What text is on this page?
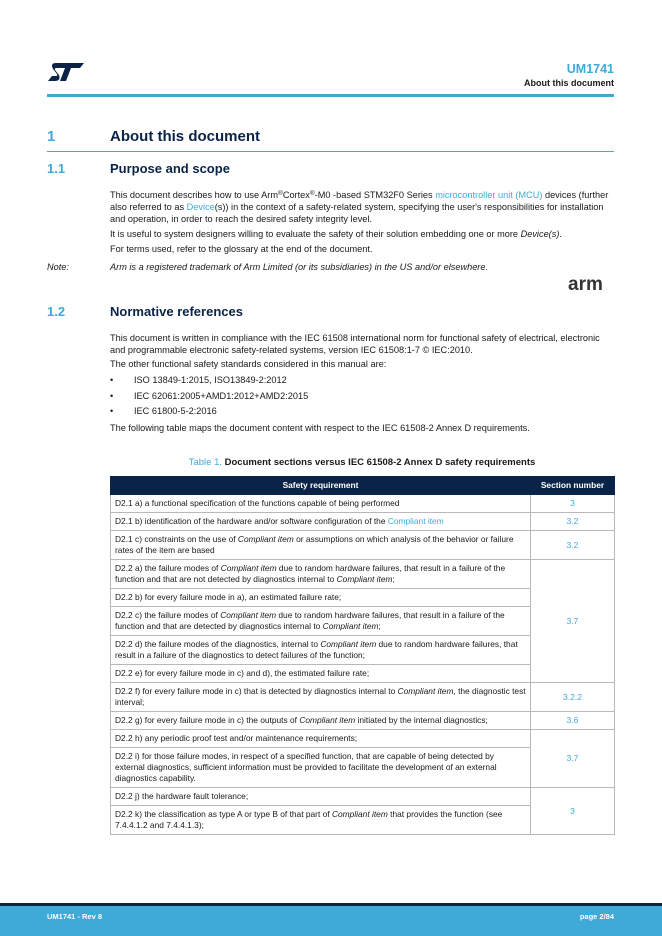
UM1741
About this document
1	About this document
1.1	Purpose and scope
This document describes how to use Arm®Cortex®-M0 -based STM32F0 Series microcontroller unit (MCU) devices (further also referred to as Device(s)) in the context of a safety-related system, specifying the user's responsibilities for installation and operation, in order to reach the desired safety integrity level.
It is useful to system designers willing to evaluate the safety of their solution embedding one or more Device(s).
For terms used, refer to the glossary at the end of the document.
Note:	Arm is a registered trademark of Arm Limited (or its subsidiaries) in the US and/or elsewhere.
arm
1.2	Normative references
This document is written in compliance with the IEC 61508 international norm for functional safety of electrical, electronic and programmable electronic safety-related systems, version IEC 61508:1-7 © IEC:2010.
The other functional safety standards considered in this manual are:
• ISO 13849-1:2015, ISO13849-2:2012
• IEC 62061:2005+AMD1:2012+AMD2:2015
• IEC 61800-5-2:2016
The following table maps the document content with respect to the IEC 61508-2 Annex D requirements.
Table 1. Document sections versus IEC 61508-2 Annex D safety requirements
Safety requirement	Section number
D2.1 a) a functional specification of the functions capable of being performed	3
D2.1 b) identification of the hardware and/or software configuration of the Compliant item	3.2
D2.1 c) constraints on the use of Compliant item or assumptions on which analysis of the behavior or failure rates of the item are based	3.2
D2.2 a) the failure modes of Compliant item due to random hardware failures, that result in a failure of the function and that are not detected by diagnostics internal to Compliant item;	3.7
D2.2 b) for every failure mode in a), an estimated failure rate;	
D2.2 c) the failure modes of Compliant item due to random hardware failures, that result in a failure of the function and that are detected by diagnostics internal to Compliant item;	
D2.2 d) the failure modes of the diagnostics, internal to Compliant item due to random hardware failures, that result in a failure of the diagnostics to detect failures of the function;	
D2.2 e) for every failure mode in c) and d), the estimated failure rate;	
D2.2 f) for every failure mode in c) that is detected by diagnostics internal to Compliant item, the diagnostic test interval;	3.2.2
D2.2 g) for every failure mode in c) the outputs of Compliant item initiated by the internal diagnostics;	3.6
D2.2 h) any periodic proof test and/or maintenance requirements;	3.7
D2.2 i) for those failure modes, in respect of a specified function, that are capable of being detected by external diagnostics, sufficient information must be provided to facilitate the development of an external diagnostics capability.	
D2.2 j) the hardware fault tolerance;	3
D2.2 k) the classification as type A or type B of that part of Compliant item that provides the function (see 7.4.4.1.2 and 7.4.4.1.3);	
UM1741 - Rev 8	page 2/84
